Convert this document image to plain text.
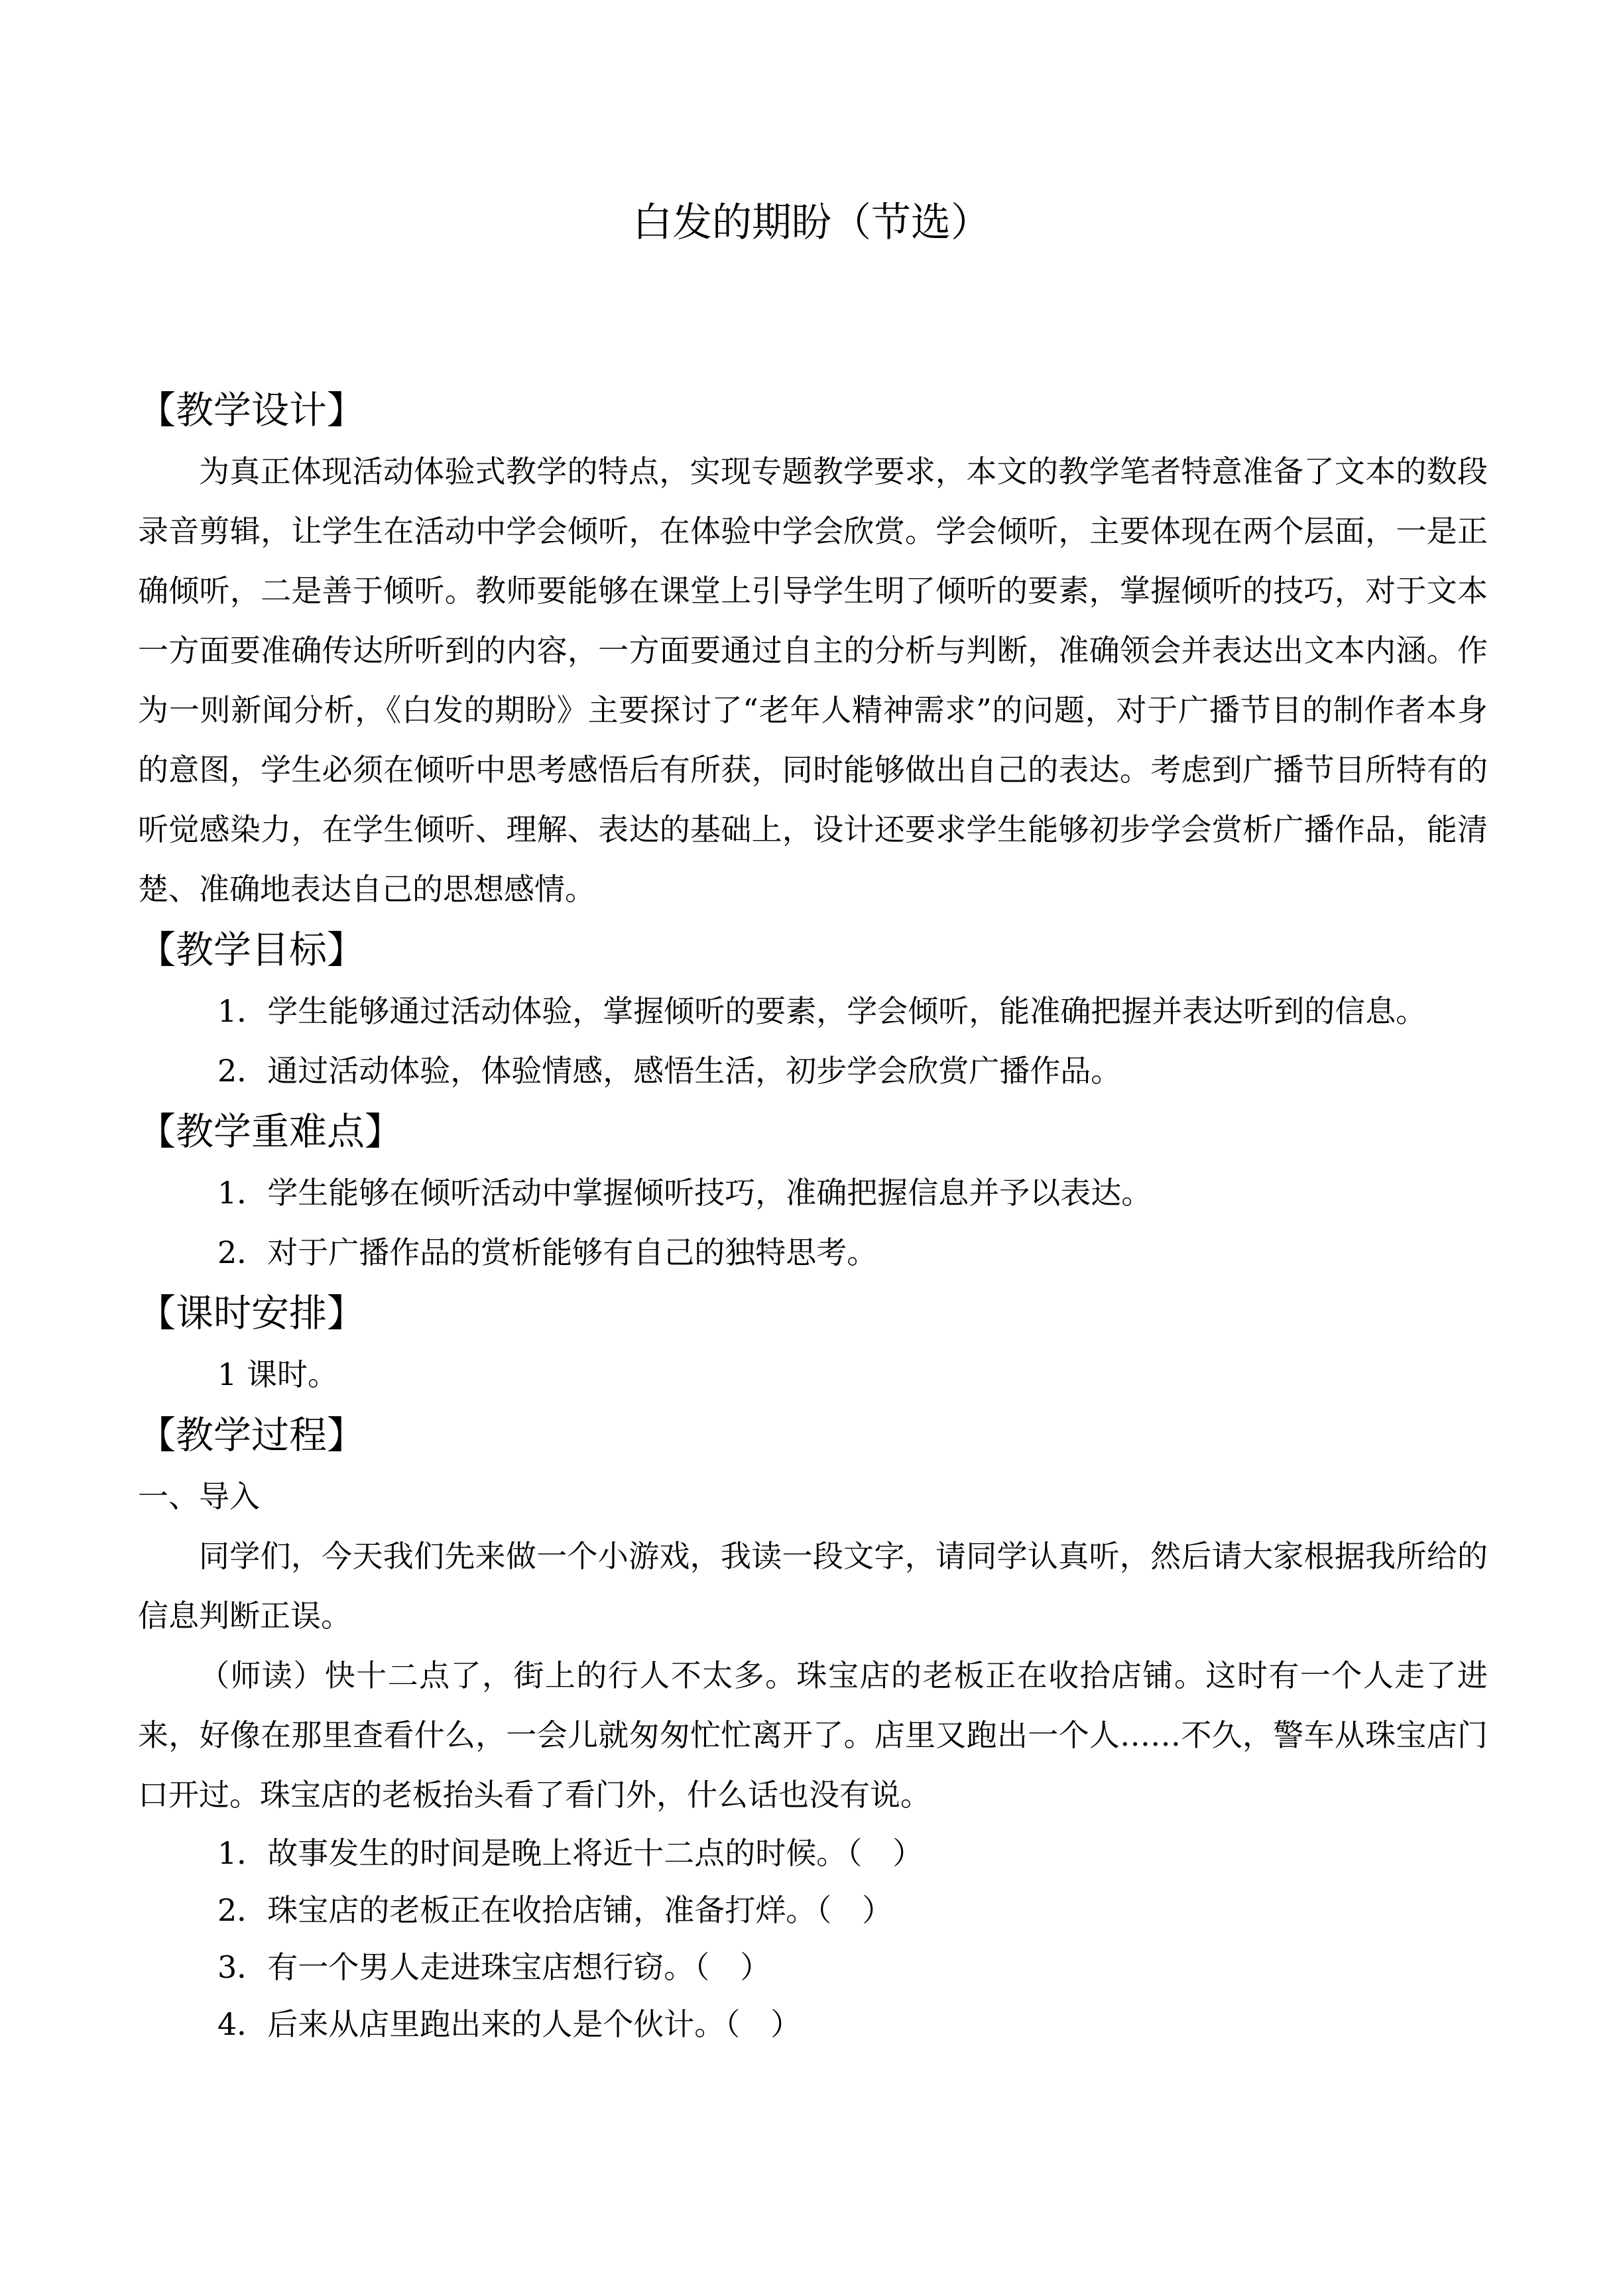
白发的期盼（节选）

【教学设计】

为真正体现活动体验式教学的特点，实现专题教学要求，本文的教学笔者特意准备了文本的数段录音剪辑，让学生在活动中学会倾听，在体验中学会欣赏。学会倾听，主要体现在两个层面，一是正确倾听，二是善于倾听。教师要能够在课堂上引导学生明了倾听的要素，掌握倾听的技巧，对于文本一方面要准确传达所听到的内容，一方面要通过自主的分析与判断，准确领会并表达出文本内涵。作为一则新闻分析，《白发的期盼》主要探讨了“老年人精神需求”的问题，对于广播节目的制作者本身的意图，学生必须在倾听中思考感悟后有所获，同时能够做出自己的表达。考虑到广播节目所特有的听觉感染力，在学生倾听、理解、表达的基础上，设计还要求学生能够初步学会赏析广播作品，能清楚、准确地表达自己的思想感情。

【教学目标】

1．学生能够通过活动体验，掌握倾听的要素，学会倾听，能准确把握并表达听到的信息。

2．通过活动体验，体验情感，感悟生活，初步学会欣赏广播作品。

【教学重难点】

1．学生能够在倾听活动中掌握倾听技巧，准确把握信息并予以表达。

2．对于广播作品的赏析能够有自己的独特思考。

【课时安排】

1 课时。

【教学过程】

一、导入

同学们，今天我们先来做一个小游戏，我读一段文字，请同学认真听，然后请大家根据我所给的信息判断正误。

（师读）快十二点了，街上的行人不太多。珠宝店的老板正在收拾店铺。这时有一个人走了进来，好像在那里查看什么，一会儿就匆匆忙忙离开了。店里又跑出一个人……不久，警车从珠宝店门口开过。珠宝店的老板抬头看了看门外，什么话也没有说。

1．故事发生的时间是晚上将近十二点的时候。（　）

2．珠宝店的老板正在收拾店铺，准备打烊。（　）

3．有一个男人走进珠宝店想行窃。（　）

4．后来从店里跑出来的人是个伙计。（　）
